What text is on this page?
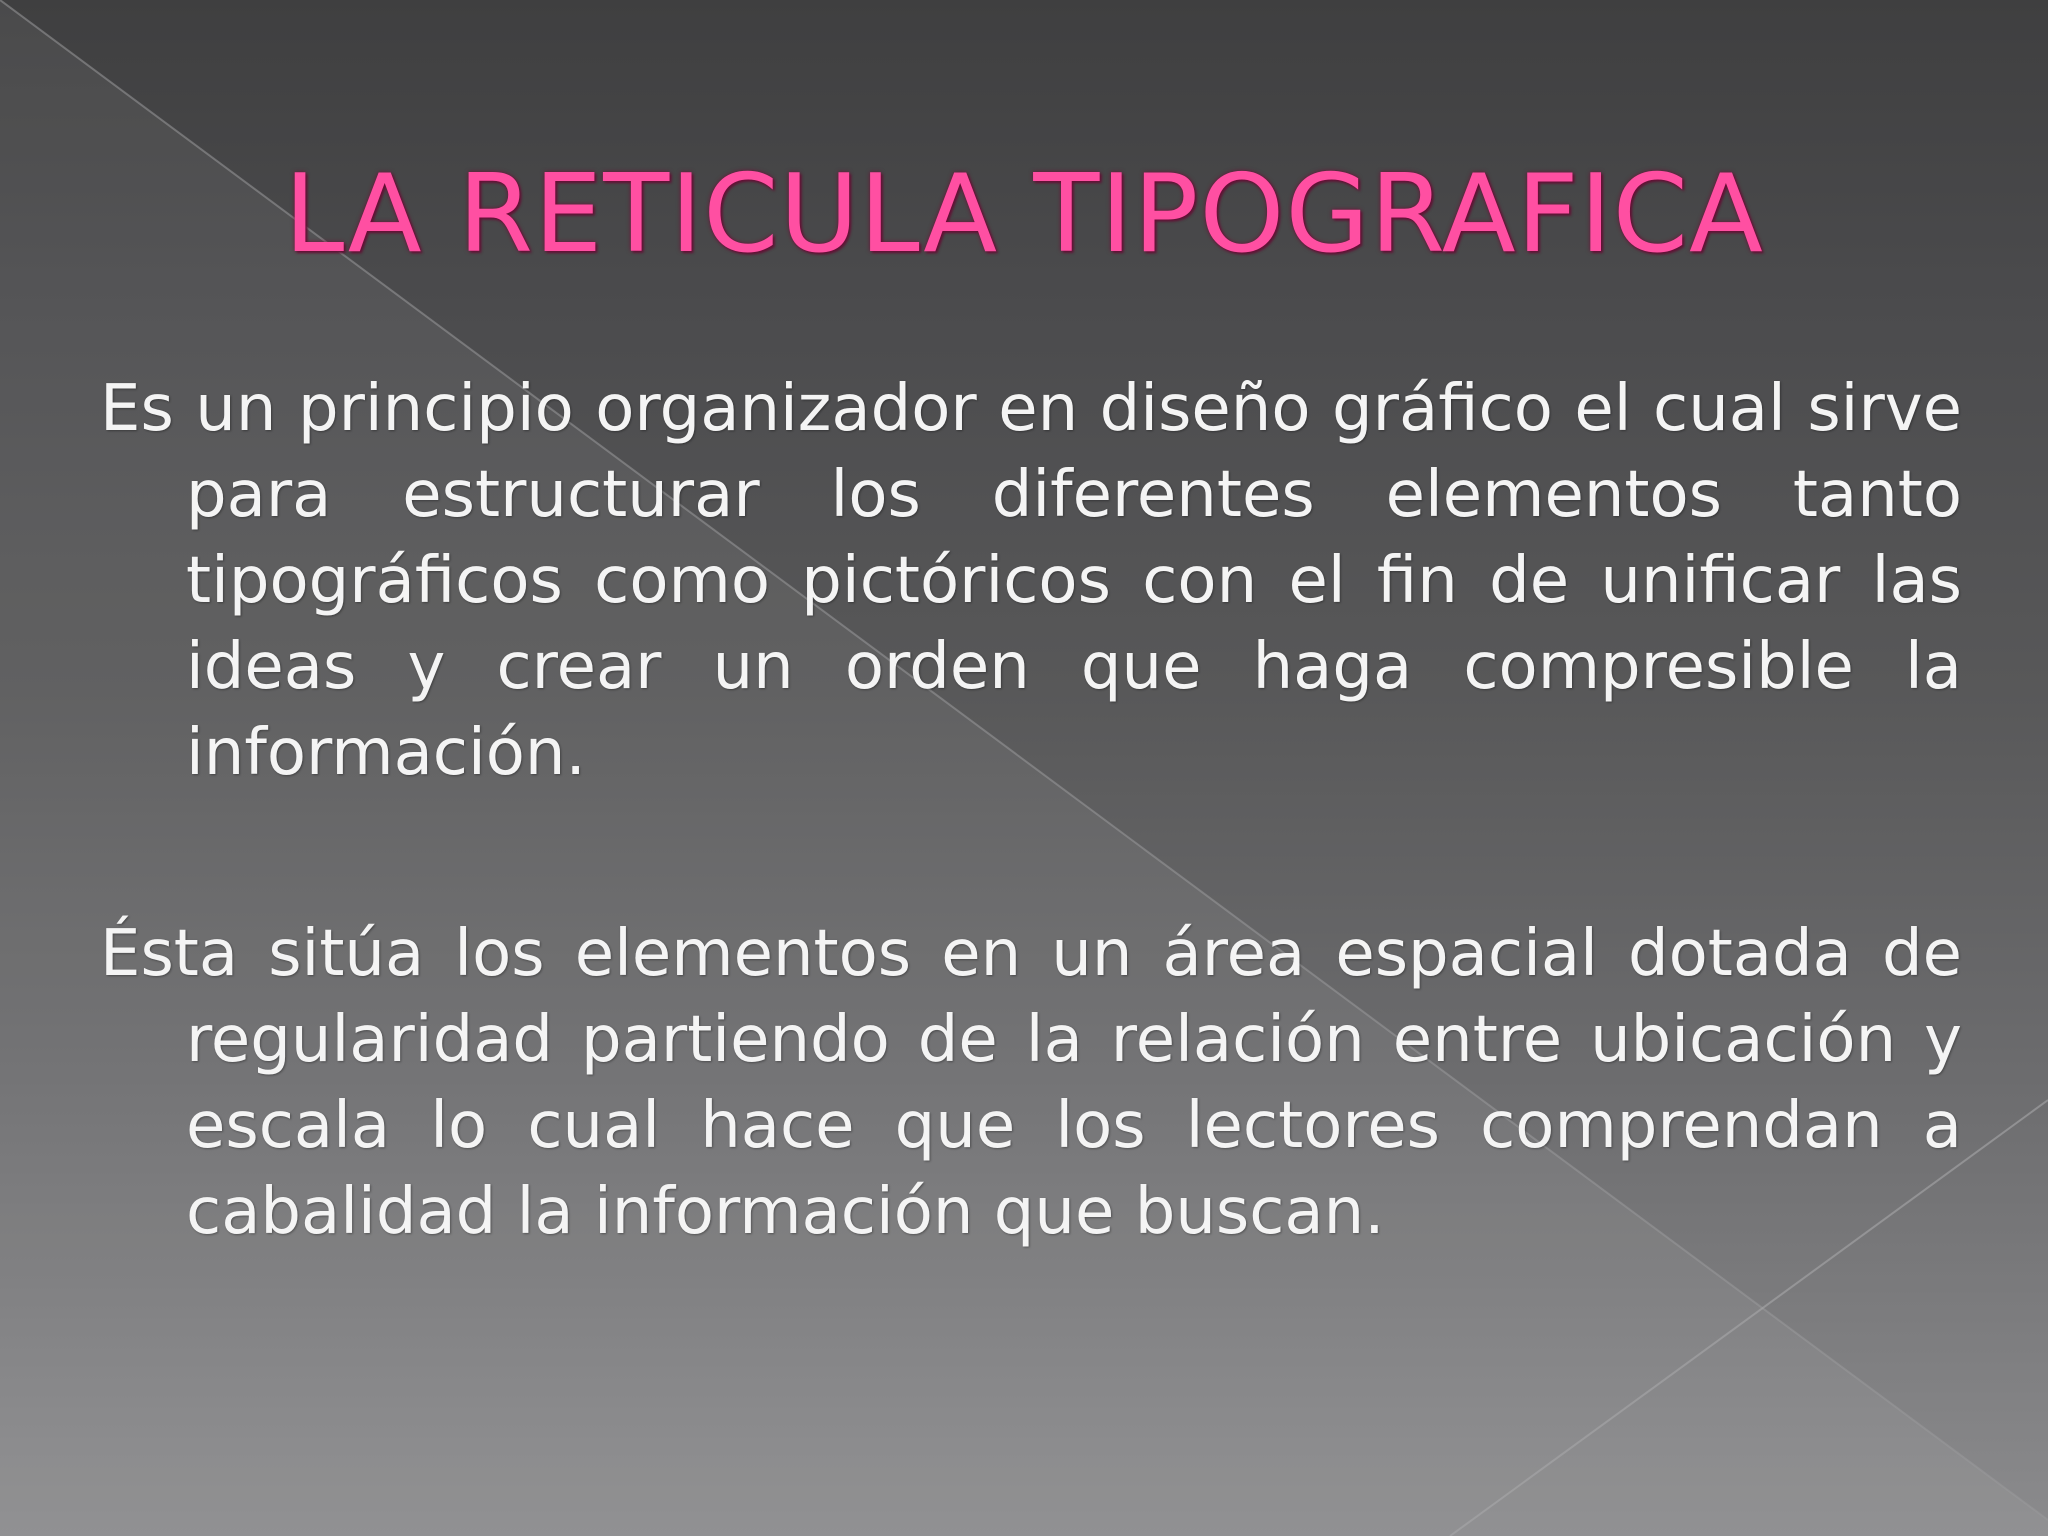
LA RETICULA TIPOGRAFICA

Es un principio organizador en diseño gráfico el cual sirve para estructurar los diferentes elementos tanto tipográficos como pictóricos con el fin de unificar las ideas y crear un orden que haga compresible la información.

Ésta sitúa los elementos en un área espacial dotada de regularidad partiendo de la relación entre ubicación y escala lo cual hace que los lectores comprendan a cabalidad la información que buscan.
